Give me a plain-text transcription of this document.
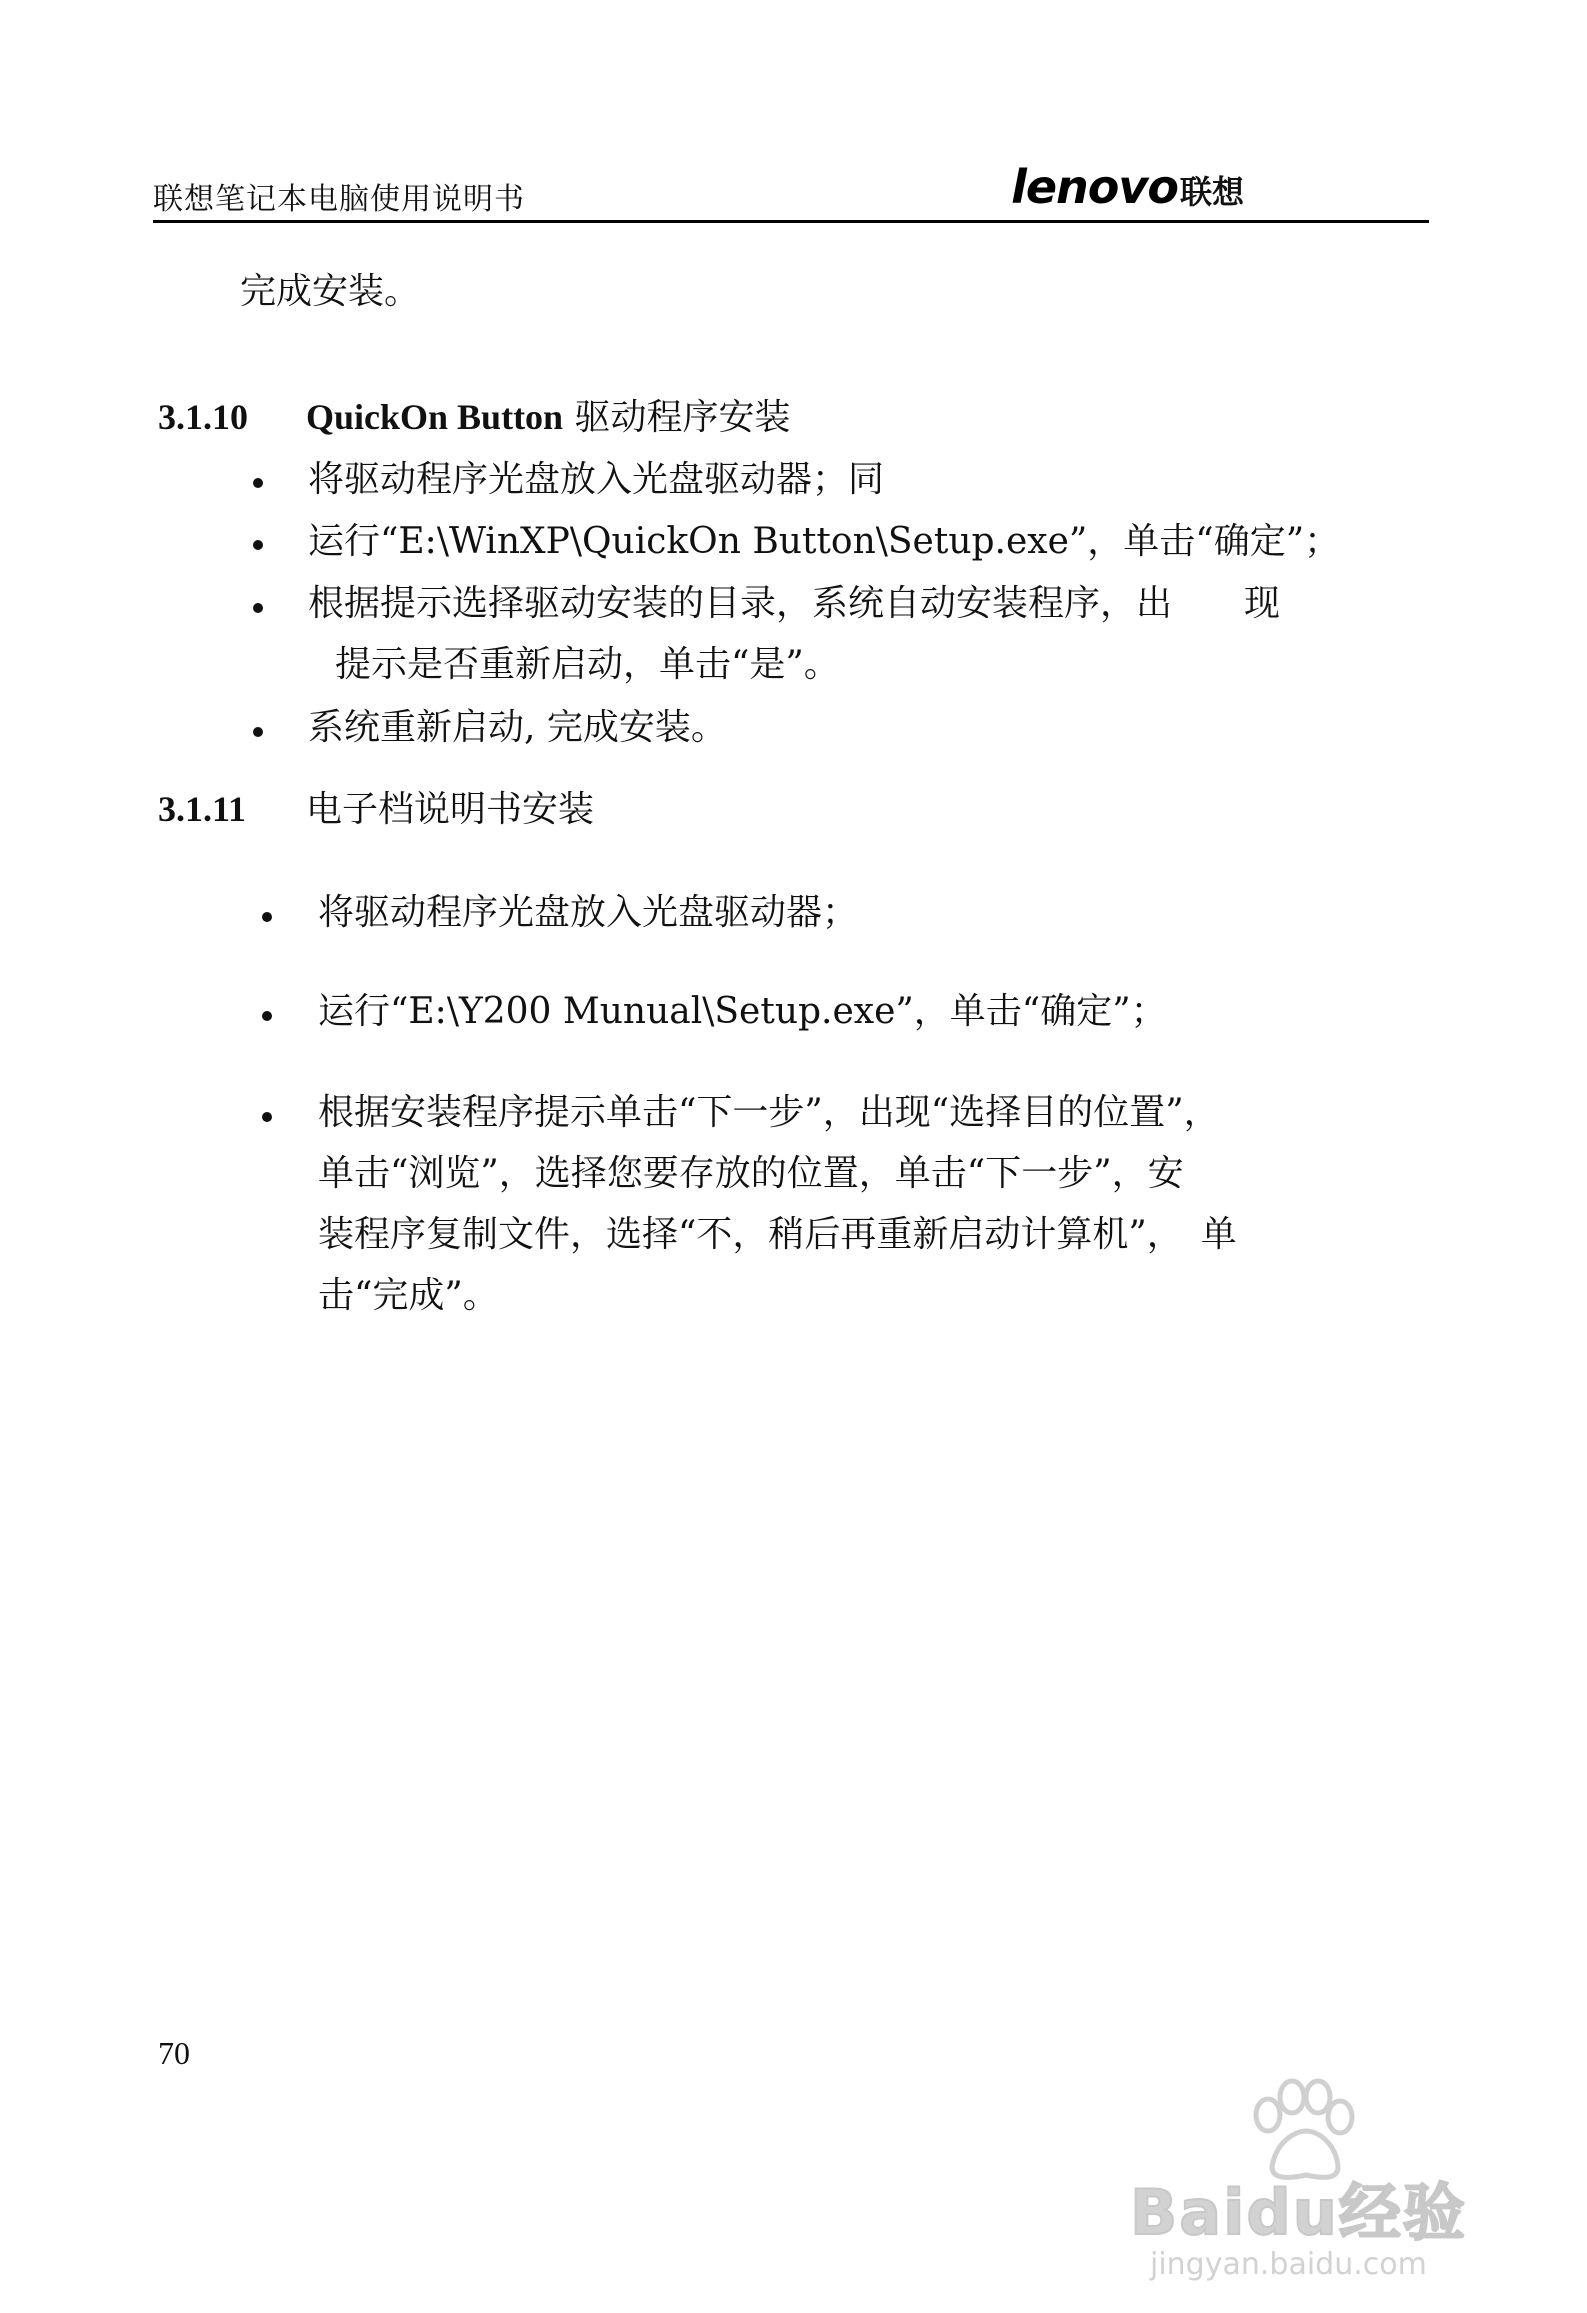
联想笔记本电脑使用说明书	lenovo 联想
完成安装。
3.1.10 QuickOn Button 驱动程序安装
将驱动程序光盘放入光盘驱动器；同
运行“E:\WinXP\QuickOn Button\Setup.exe”，单击“确定”；
根据提示选择驱动安装的目录，系统自动安装程序，出　　现
提示是否重新启动，单击“是”。
系统重新启动, 完成安装。
3.1.11 电子档说明书安装
将驱动程序光盘放入光盘驱动器；
运行“E:\Y200 Munual\Setup.exe”，单击“确定”；
根据安装程序提示单击“下一步”，出现“选择目的位置”，
单击“浏览”，选择您要存放的位置，单击“下一步”，安
装程序复制文件，选择“不，稍后再重新启动计算机”，　单
击“完成”。
70
Baidu经验
jingyan.baidu.com
